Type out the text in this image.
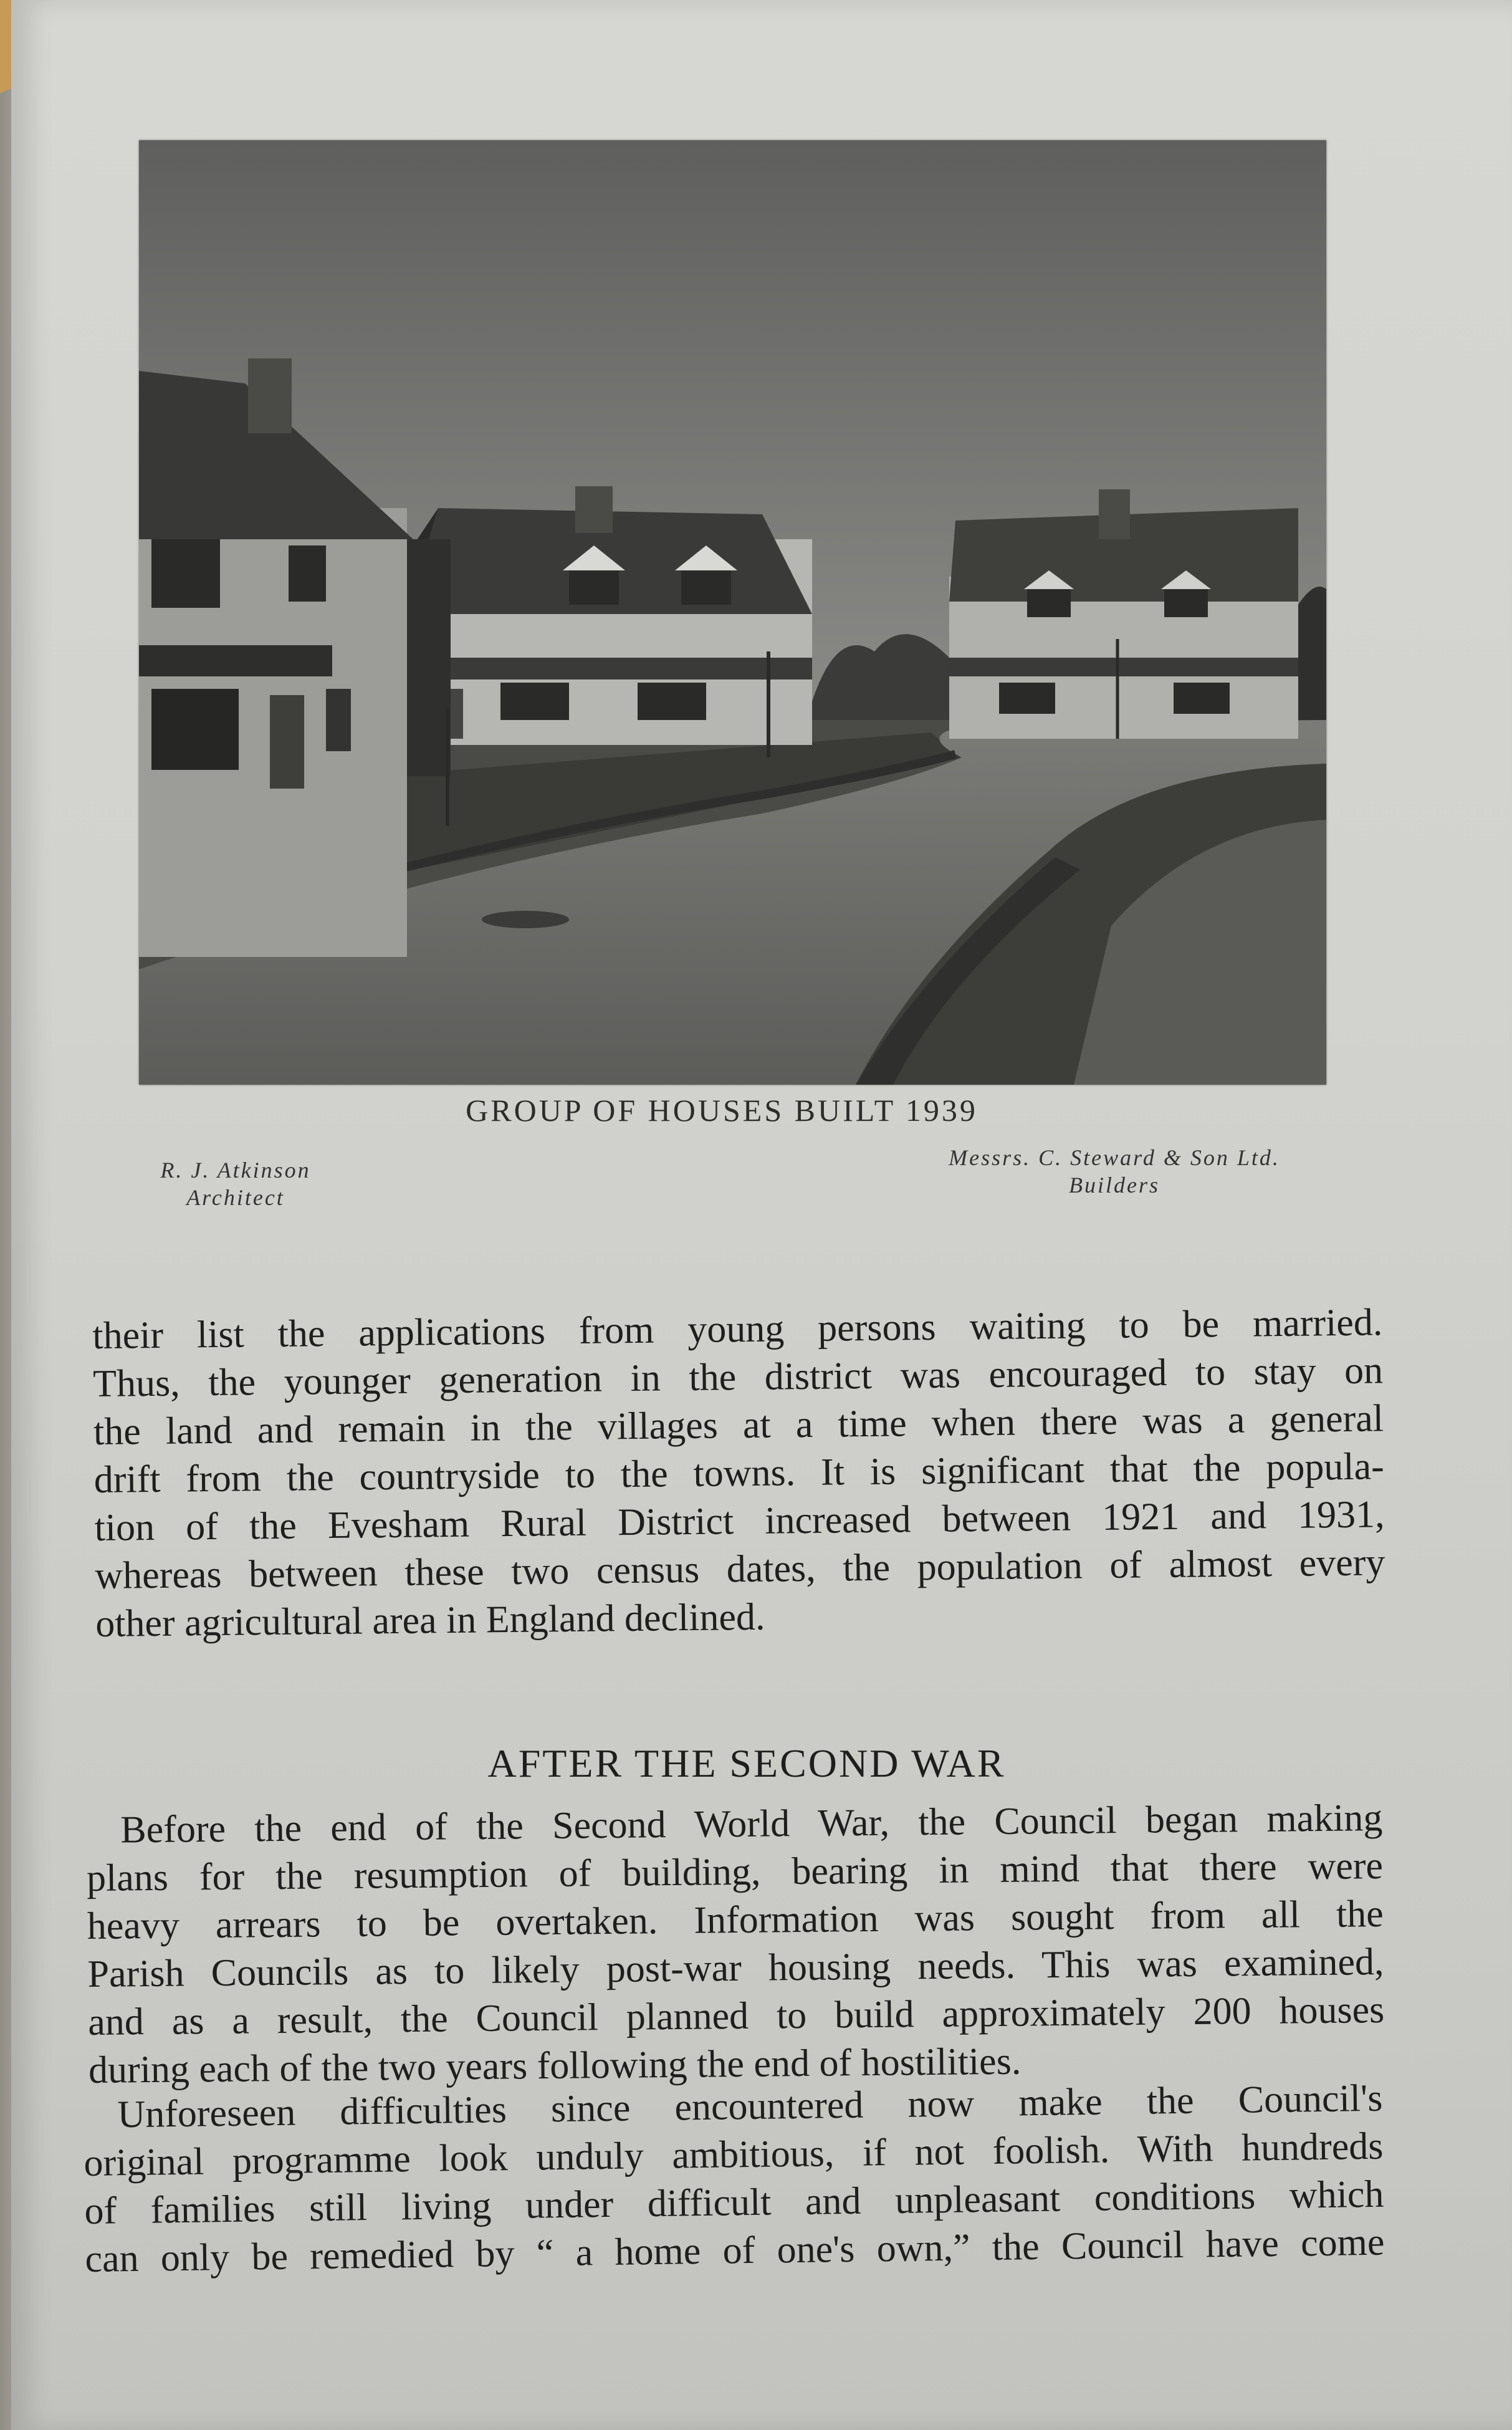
GROUP OF HOUSES BUILT 1939
R. J. Atkinson
Architect
Messrs. C. Steward & Son Ltd.
Builders
their list the applications from young persons waiting to be married.
Thus, the younger generation in the district was encouraged to stay on
the land and remain in the villages at a time when there was a general
drift from the countryside to the towns. It is significant that the popula-
tion of the Evesham Rural District increased between 1921 and 1931,
whereas between these two census dates, the population of almost every
other agricultural area in England declined.
AFTER THE SECOND WAR
Before the end of the Second World War, the Council began making
plans for the resumption of building, bearing in mind that there were
heavy arrears to be overtaken. Information was sought from all the
Parish Councils as to likely post-war housing needs. This was examined,
and as a result, the Council planned to build approximately 200 houses
during each of the two years following the end of hostilities.
Unforeseen difficulties since encountered now make the Council's
original programme look unduly ambitious, if not foolish. With hundreds
of families still living under difficult and unpleasant conditions which
can only be remedied by “ a home of one's own,” the Council have come
